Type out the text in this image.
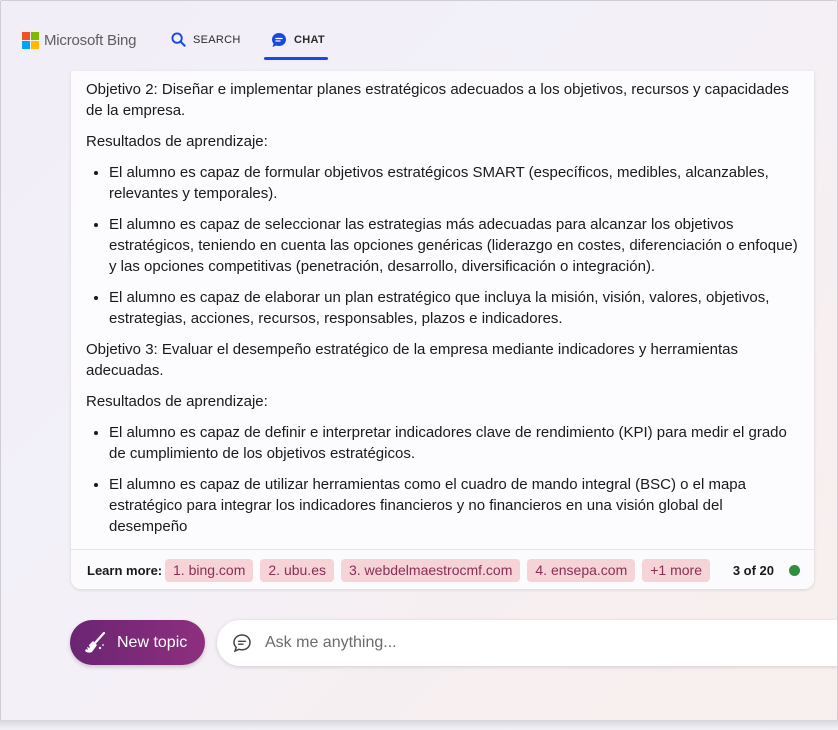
Microsoft Bing	SEARCH	CHAT

Objetivo 2: Diseñar e implementar planes estratégicos adecuados a los objetivos, recursos y capacidades de la empresa.

Resultados de aprendizaje:

• El alumno es capaz de formular objetivos estratégicos SMART (específicos, medibles, alcanzables, relevantes y temporales).
• El alumno es capaz de seleccionar las estrategias más adecuadas para alcanzar los objetivos estratégicos, teniendo en cuenta las opciones genéricas (liderazgo en costes, diferenciación o enfoque) y las opciones competitivas (penetración, desarrollo, diversificación o integración).
• El alumno es capaz de elaborar un plan estratégico que incluya la misión, visión, valores, objetivos, estrategias, acciones, recursos, responsables, plazos e indicadores.

Objetivo 3: Evaluar el desempeño estratégico de la empresa mediante indicadores y herramientas adecuadas.

Resultados de aprendizaje:

• El alumno es capaz de definir e interpretar indicadores clave de rendimiento (KPI) para medir el grado de cumplimiento de los objetivos estratégicos.
• El alumno es capaz de utilizar herramientas como el cuadro de mando integral (BSC) o el mapa estratégico para integrar los indicadores financieros y no financieros en una visión global del desempeño
Learn more: 1. bing.com	2. ubu.es	3. webdelmaestrocmf.com	4. ensepa.com	+1 more	3 of 20
New topic
Ask me anything...
